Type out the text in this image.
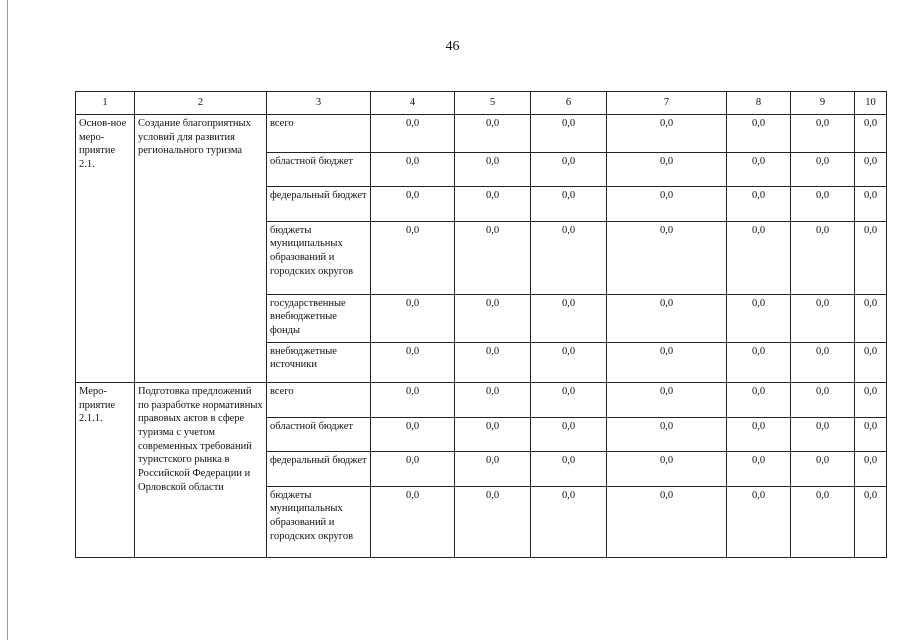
46
1	2	3	4	5	6	7	8	9	10
Основ-ное меро-приятие 2.1.	Создание благоприятных условий для развития регионального туризма	всего	0,0	0,0	0,0	0,0	0,0	0,0	0,0
		областной бюджет	0,0	0,0	0,0	0,0	0,0	0,0	0,0
		федеральный бюджет	0,0	0,0	0,0	0,0	0,0	0,0	0,0
		бюджеты муниципальных образований и городских округов	0,0	0,0	0,0	0,0	0,0	0,0	0,0
		государственные внебюджетные фонды	0,0	0,0	0,0	0,0	0,0	0,0	0,0
		внебюджетные источники	0,0	0,0	0,0	0,0	0,0	0,0	0,0
Меро-приятие 2.1.1.	Подготовка предложений по разработке нормативных правовых актов в сфере туризма с учетом современных требований туристского рынка в Российской Федерации и Орловской области	всего	0,0	0,0	0,0	0,0	0,0	0,0	0,0
		областной бюджет	0,0	0,0	0,0	0,0	0,0	0,0	0,0
		федеральный бюджет	0,0	0,0	0,0	0,0	0,0	0,0	0,0
		бюджеты муниципальных образований и городских округов	0,0	0,0	0,0	0,0	0,0	0,0	0,0
